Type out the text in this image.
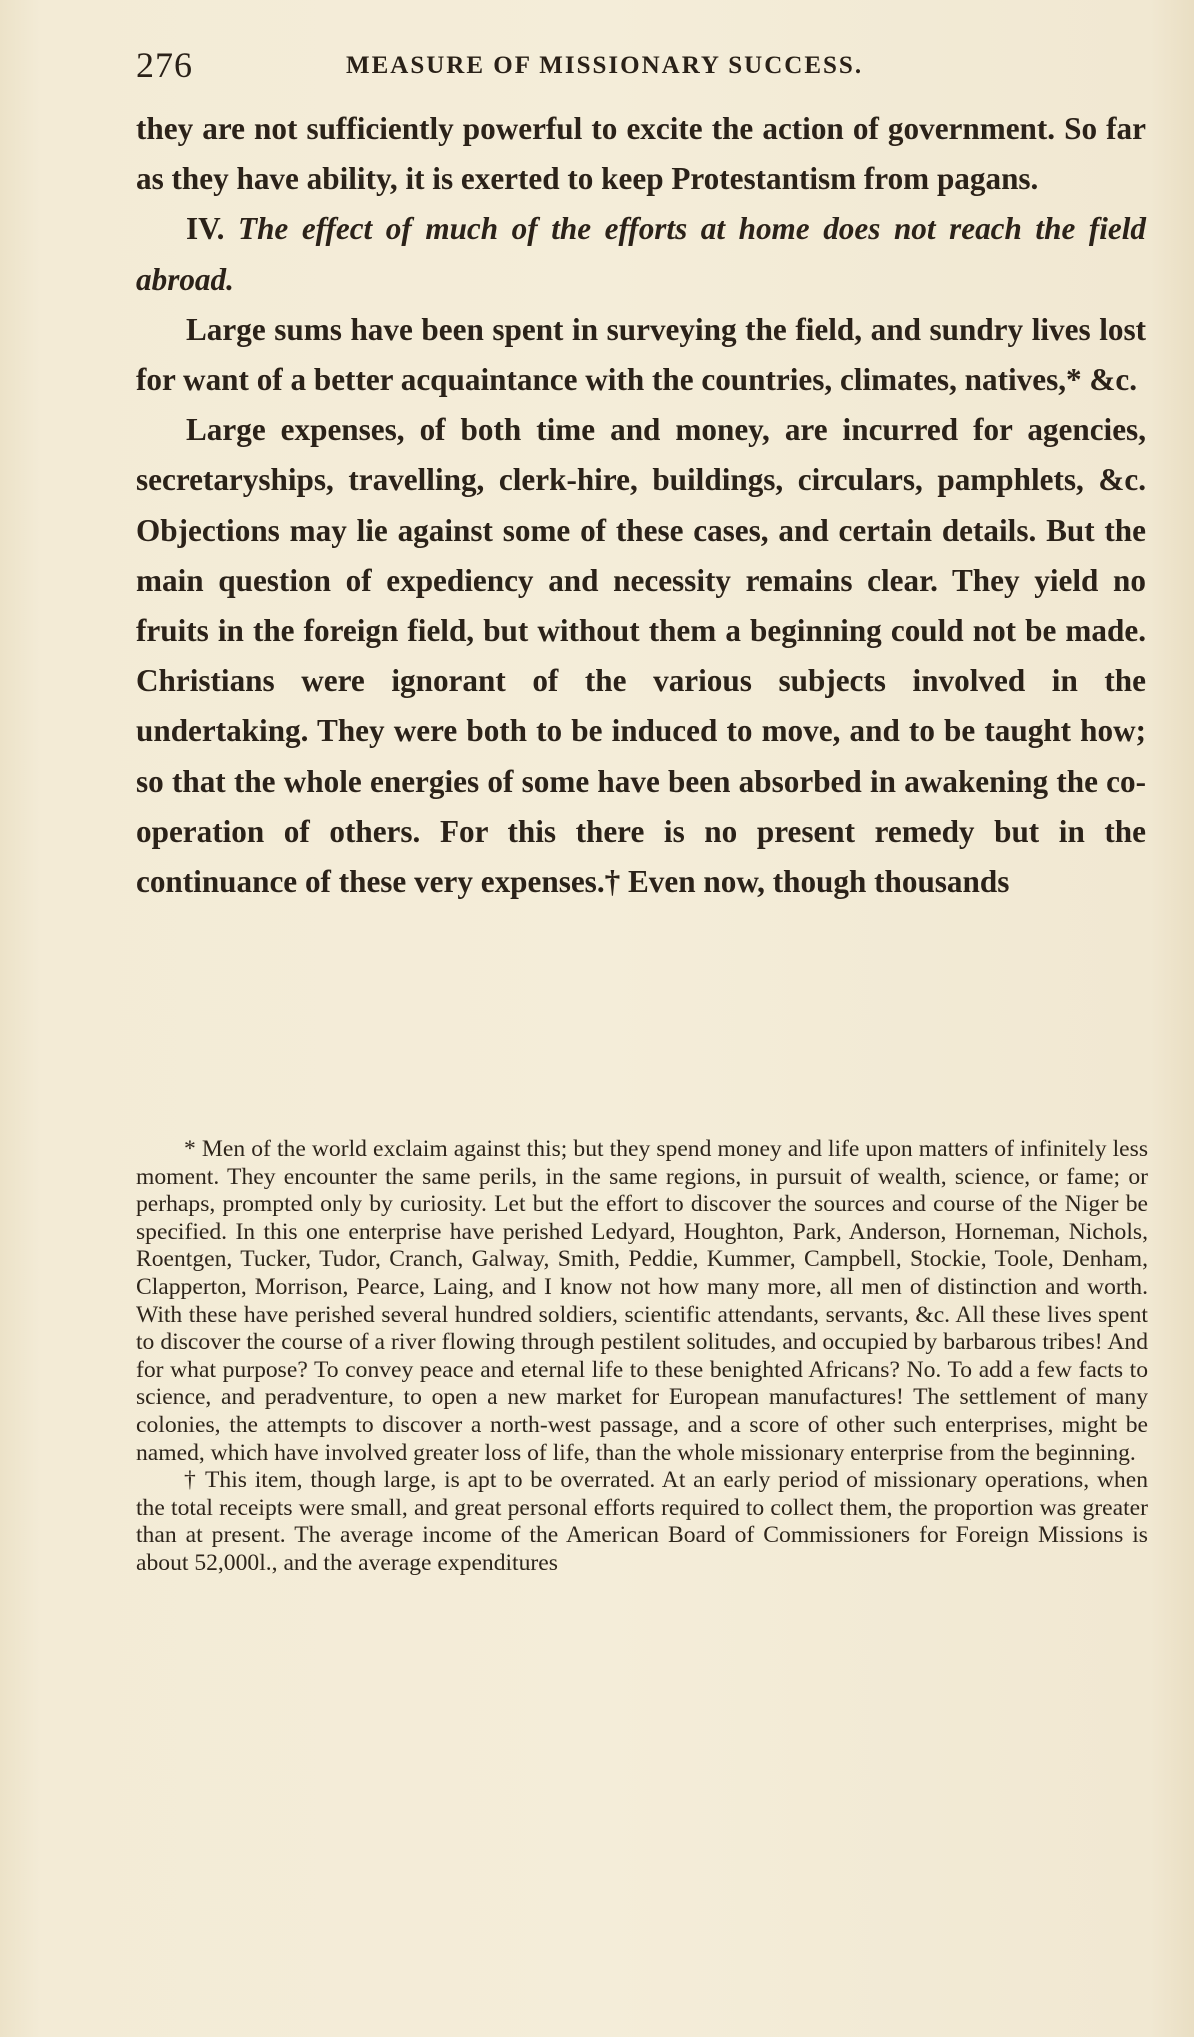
276	MEASURE OF MISSIONARY SUCCESS.

they are not sufficiently powerful to excite the action of government. So far as they have ability, it is exerted to keep Protestantism from pagans.

IV. The effect of much of the efforts at home does not reach the field abroad.

Large sums have been spent in surveying the field, and sundry lives lost for want of a better acquaintance with the countries, climates, natives,* &c.

Large expenses, of both time and money, are incurred for agencies, secretaryships, travelling, clerk-hire, buildings, circulars, pamphlets, &c. Objections may lie against some of these cases, and certain details. But the main question of expediency and necessity remains clear. They yield no fruits in the foreign field, but without them a beginning could not be made. Christians were ignorant of the various subjects involved in the undertaking. They were both to be induced to move, and to be taught how; so that the whole energies of some have been absorbed in awakening the co-operation of others. For this there is no present remedy but in the continuance of these very expenses.† Even now, though thousands

* Men of the world exclaim against this; but they spend money and life upon matters of infinitely less moment. They encounter the same perils, in the same regions, in pursuit of wealth, science, or fame; or perhaps, prompted only by curiosity. Let but the effort to discover the sources and course of the Niger be specified. In this one enterprise have perished Ledyard, Houghton, Park, Anderson, Horneman, Nichols, Roentgen, Tucker, Tudor, Cranch, Galway, Smith, Peddie, Kummer, Campbell, Stockie, Toole, Denham, Clapperton, Morrison, Pearce, Laing, and I know not how many more, all men of distinction and worth. With these have perished several hundred soldiers, scientific attendants, servants, &c. All these lives spent to discover the course of a river flowing through pestilent solitudes, and occupied by barbarous tribes! And for what purpose? To convey peace and eternal life to these benighted Africans? No. To add a few facts to science, and peradventure, to open a new market for European manufactures! The settlement of many colonies, the attempts to discover a north-west passage, and a score of other such enterprises, might be named, which have involved greater loss of life, than the whole missionary enterprise from the beginning.

† This item, though large, is apt to be overrated. At an early period of missionary operations, when the total receipts were small, and great personal efforts required to collect them, the proportion was greater than at present. The average income of the American Board of Commissioners for Foreign Missions is about 52,000l., and the average expenditures
